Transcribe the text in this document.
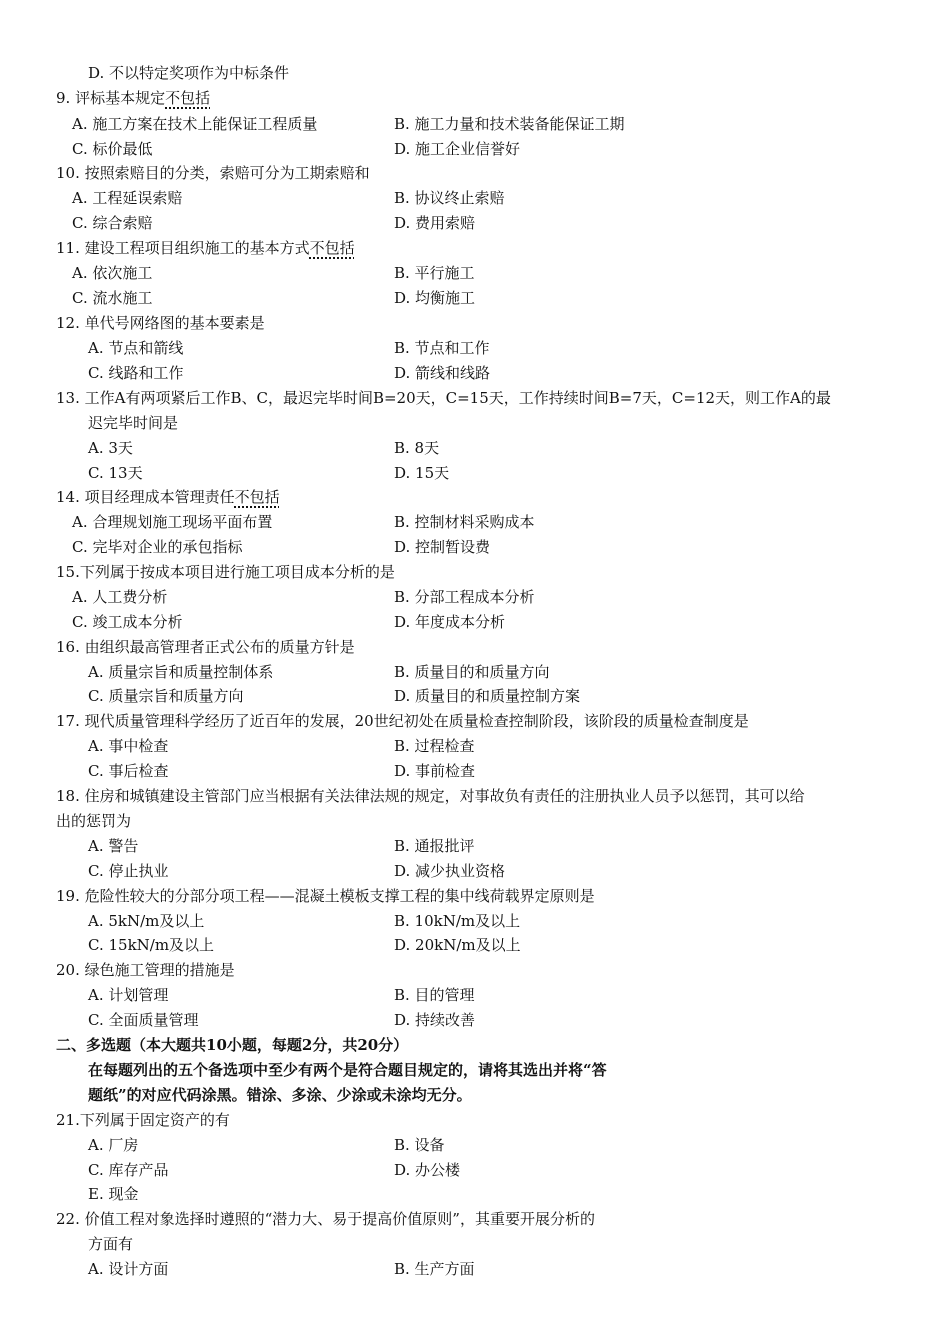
D. 不以特定奖项作为中标条件
9. 评标基本规定不包括
A. 施工方案在技术上能保证工程质量	B. 施工力量和技术装备能保证工期
C. 标价最低	D. 施工企业信誉好
10. 按照索赔目的分类，索赔可分为工期索赔和
A. 工程延误索赔	B. 协议终止索赔
C. 综合索赔	D. 费用索赔
11. 建设工程项目组织施工的基本方式不包括
A. 依次施工	B. 平行施工
C. 流水施工	D. 均衡施工
12. 单代号网络图的基本要素是
A. 节点和箭线	B. 节点和工作
C. 线路和工作	D. 箭线和线路
13. 工作A有两项紧后工作B、C，最迟完毕时间B=20天，C=15天，工作持续时间B=7天，C=12天，则工作A的最
迟完毕时间是
A. 3天	B. 8天
C. 13天	D. 15天
14. 项目经理成本管理责任不包括
A. 合理规划施工现场平面布置	B. 控制材料采购成本
C. 完毕对企业的承包指标	D. 控制暂设费
15.下列属于按成本项目进行施工项目成本分析的是
A. 人工费分析	B. 分部工程成本分析
C. 竣工成本分析	D. 年度成本分析
16. 由组织最高管理者正式公布的质量方针是
A. 质量宗旨和质量控制体系	B. 质量目的和质量方向
C. 质量宗旨和质量方向	D. 质量目的和质量控制方案
17. 现代质量管理科学经历了近百年的发展，20世纪初处在质量检查控制阶段，该阶段的质量检查制度是
A. 事中检查	B. 过程检查
C. 事后检查	D. 事前检查
18. 住房和城镇建设主管部门应当根据有关法律法规的规定，对事故负有责任的注册执业人员予以惩罚，其可以给
出的惩罚为
A. 警告	B. 通报批评
C. 停止执业	D. 减少执业资格
19. 危险性较大的分部分项工程——混凝土模板支撑工程的集中线荷载界定原则是
A. 5kN/m及以上	B. 10kN/m及以上
C. 15kN/m及以上	D. 20kN/m及以上
20. 绿色施工管理的措施是
A. 计划管理	B. 目的管理
C. 全面质量管理	D. 持续改善
二、多选题（本大题共10小题，每题2分，共20分）
在每题列出的五个备选项中至少有两个是符合题目规定的，请将其选出并将“答
题纸”的对应代码涂黑。错涂、多涂、少涂或未涂均无分。
21.下列属于固定资产的有
A. 厂房	B. 设备
C. 库存产品	D. 办公楼
E. 现金
22. 价值工程对象选择时遵照的“潜力大、易于提高价值原则”，其重要开展分析的
方面有
A. 设计方面	B. 生产方面
